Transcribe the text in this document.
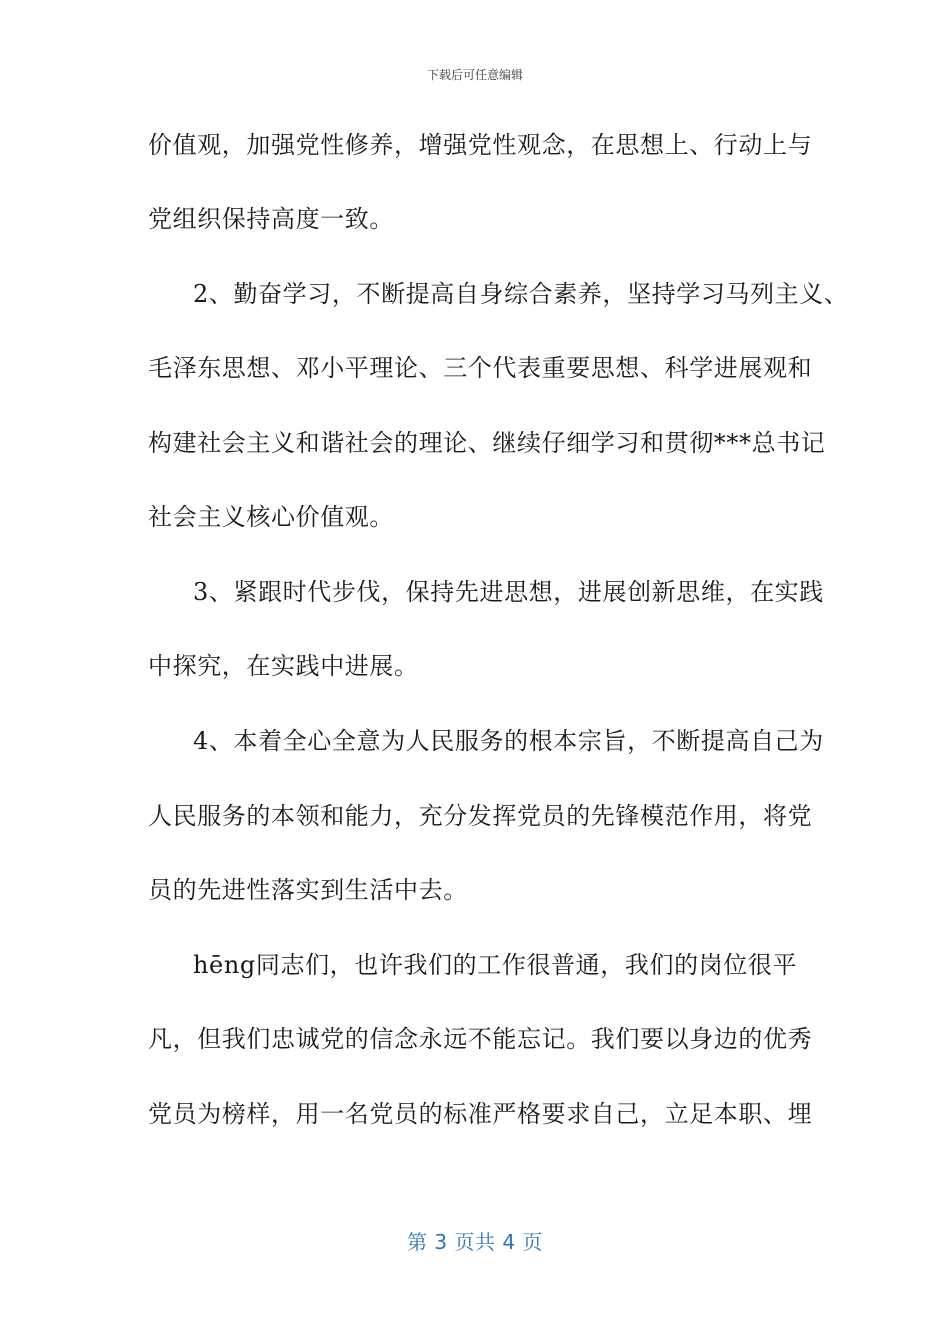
下载后可任意编辑
价值观，加强党性修养，增强党性观念，在思想上、行动上与
党组织保持高度一致。
2、勤奋学习，不断提高自身综合素养，坚持学习马列主义、
毛泽东思想、邓小平理论、三个代表重要思想、科学进展观和
构建社会主义和谐社会的理论、继续仔细学习和贯彻***总书记
社会主义核心价值观。
3、紧跟时代步伐，保持先进思想，进展创新思维，在实践
中探究，在实践中进展。
4、本着全心全意为人民服务的根本宗旨，不断提高自己为
人民服务的本领和能力，充分发挥党员的先锋模范作用，将党
员的先进性落实到生活中去。
hēng同志们，也许我们的工作很普通，我们的岗位很平
凡，但我们忠诚党的信念永远不能忘记。我们要以身边的优秀
党员为榜样，用一名党员的标准严格要求自己，立足本职、埋
第 3 页共 4 页
